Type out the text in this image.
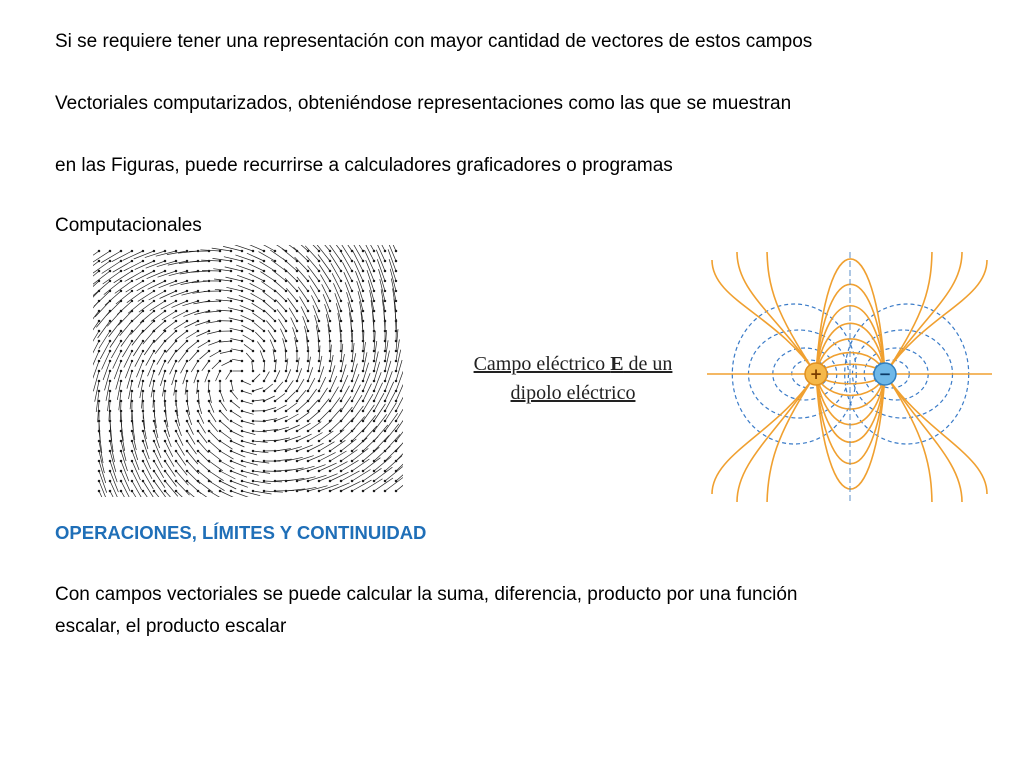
Si se requiere tener una representación con mayor cantidad de vectores de estos campos
Vectoriales computarizados, obteniéndose representaciones como las que se muestran
en las Figuras, puede recurrirse a calculadores graficadores o programas
Computacionales
Campo eléctrico E de un
dipolo eléctrico
+	−
OPERACIONES, LÍMITES Y CONTINUIDAD
Con campos vectoriales se puede calcular la suma, diferencia, producto por una función
escalar, el producto escalar
